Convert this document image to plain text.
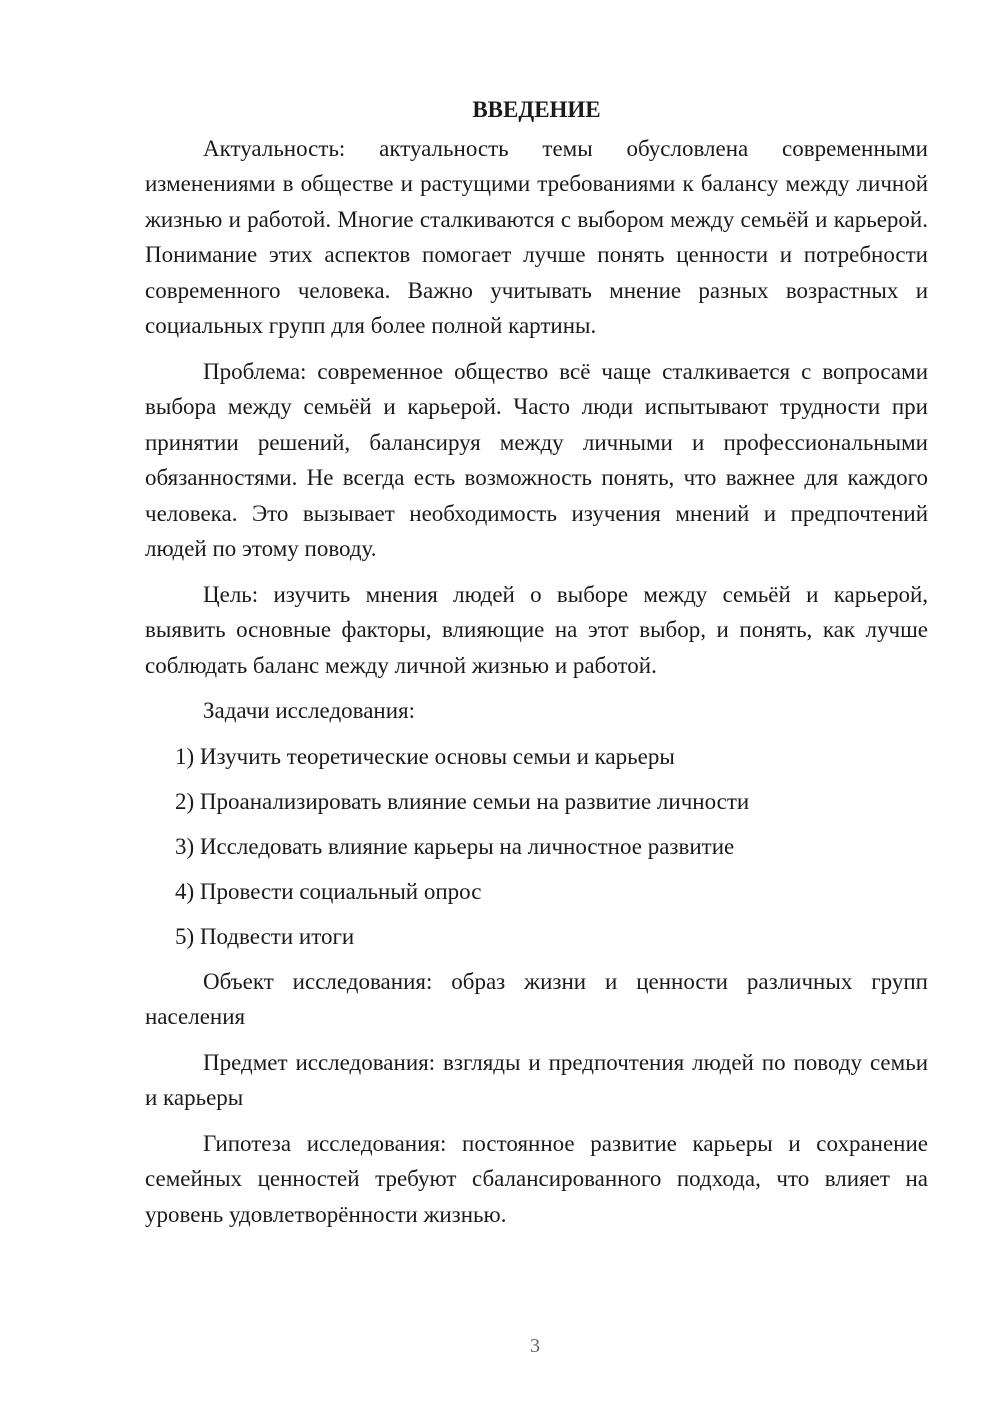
ВВЕДЕНИЕ

Актуальность: актуальность темы обусловлена современными изменениями в обществе и растущими требованиями к балансу между личной жизнью и работой. Многие сталкиваются с выбором между семьёй и карьерой. Понимание этих аспектов помогает лучше понять ценности и потребности современного человека. Важно учитывать мнение разных возрастных и социальных групп для более полной картины.

Проблема: современное общество всё чаще сталкивается с вопросами выбора между семьёй и карьерой. Часто люди испытывают трудности при принятии решений, балансируя между личными и профессиональными обязанностями. Не всегда есть возможность понять, что важнее для каждого человека. Это вызывает необходимость изучения мнений и предпочтений людей по этому поводу.

Цель: изучить мнения людей о выборе между семьёй и карьерой, выявить основные факторы, влияющие на этот выбор, и понять, как лучше соблюдать баланс между личной жизнью и работой.

Задачи исследования:

1) Изучить теоретические основы семьи и карьеры
2) Проанализировать влияние семьи на развитие личности
3) Исследовать влияние карьеры на личностное развитие
4) Провести социальный опрос
5) Подвести итоги

Объект исследования: образ жизни и ценности различных групп населения

Предмет исследования: взгляды и предпочтения людей по поводу семьи и карьеры

Гипотеза исследования: постоянное развитие карьеры и сохранение семейных ценностей требуют сбалансированного подхода, что влияет на уровень удовлетворённости жизнью.

3
